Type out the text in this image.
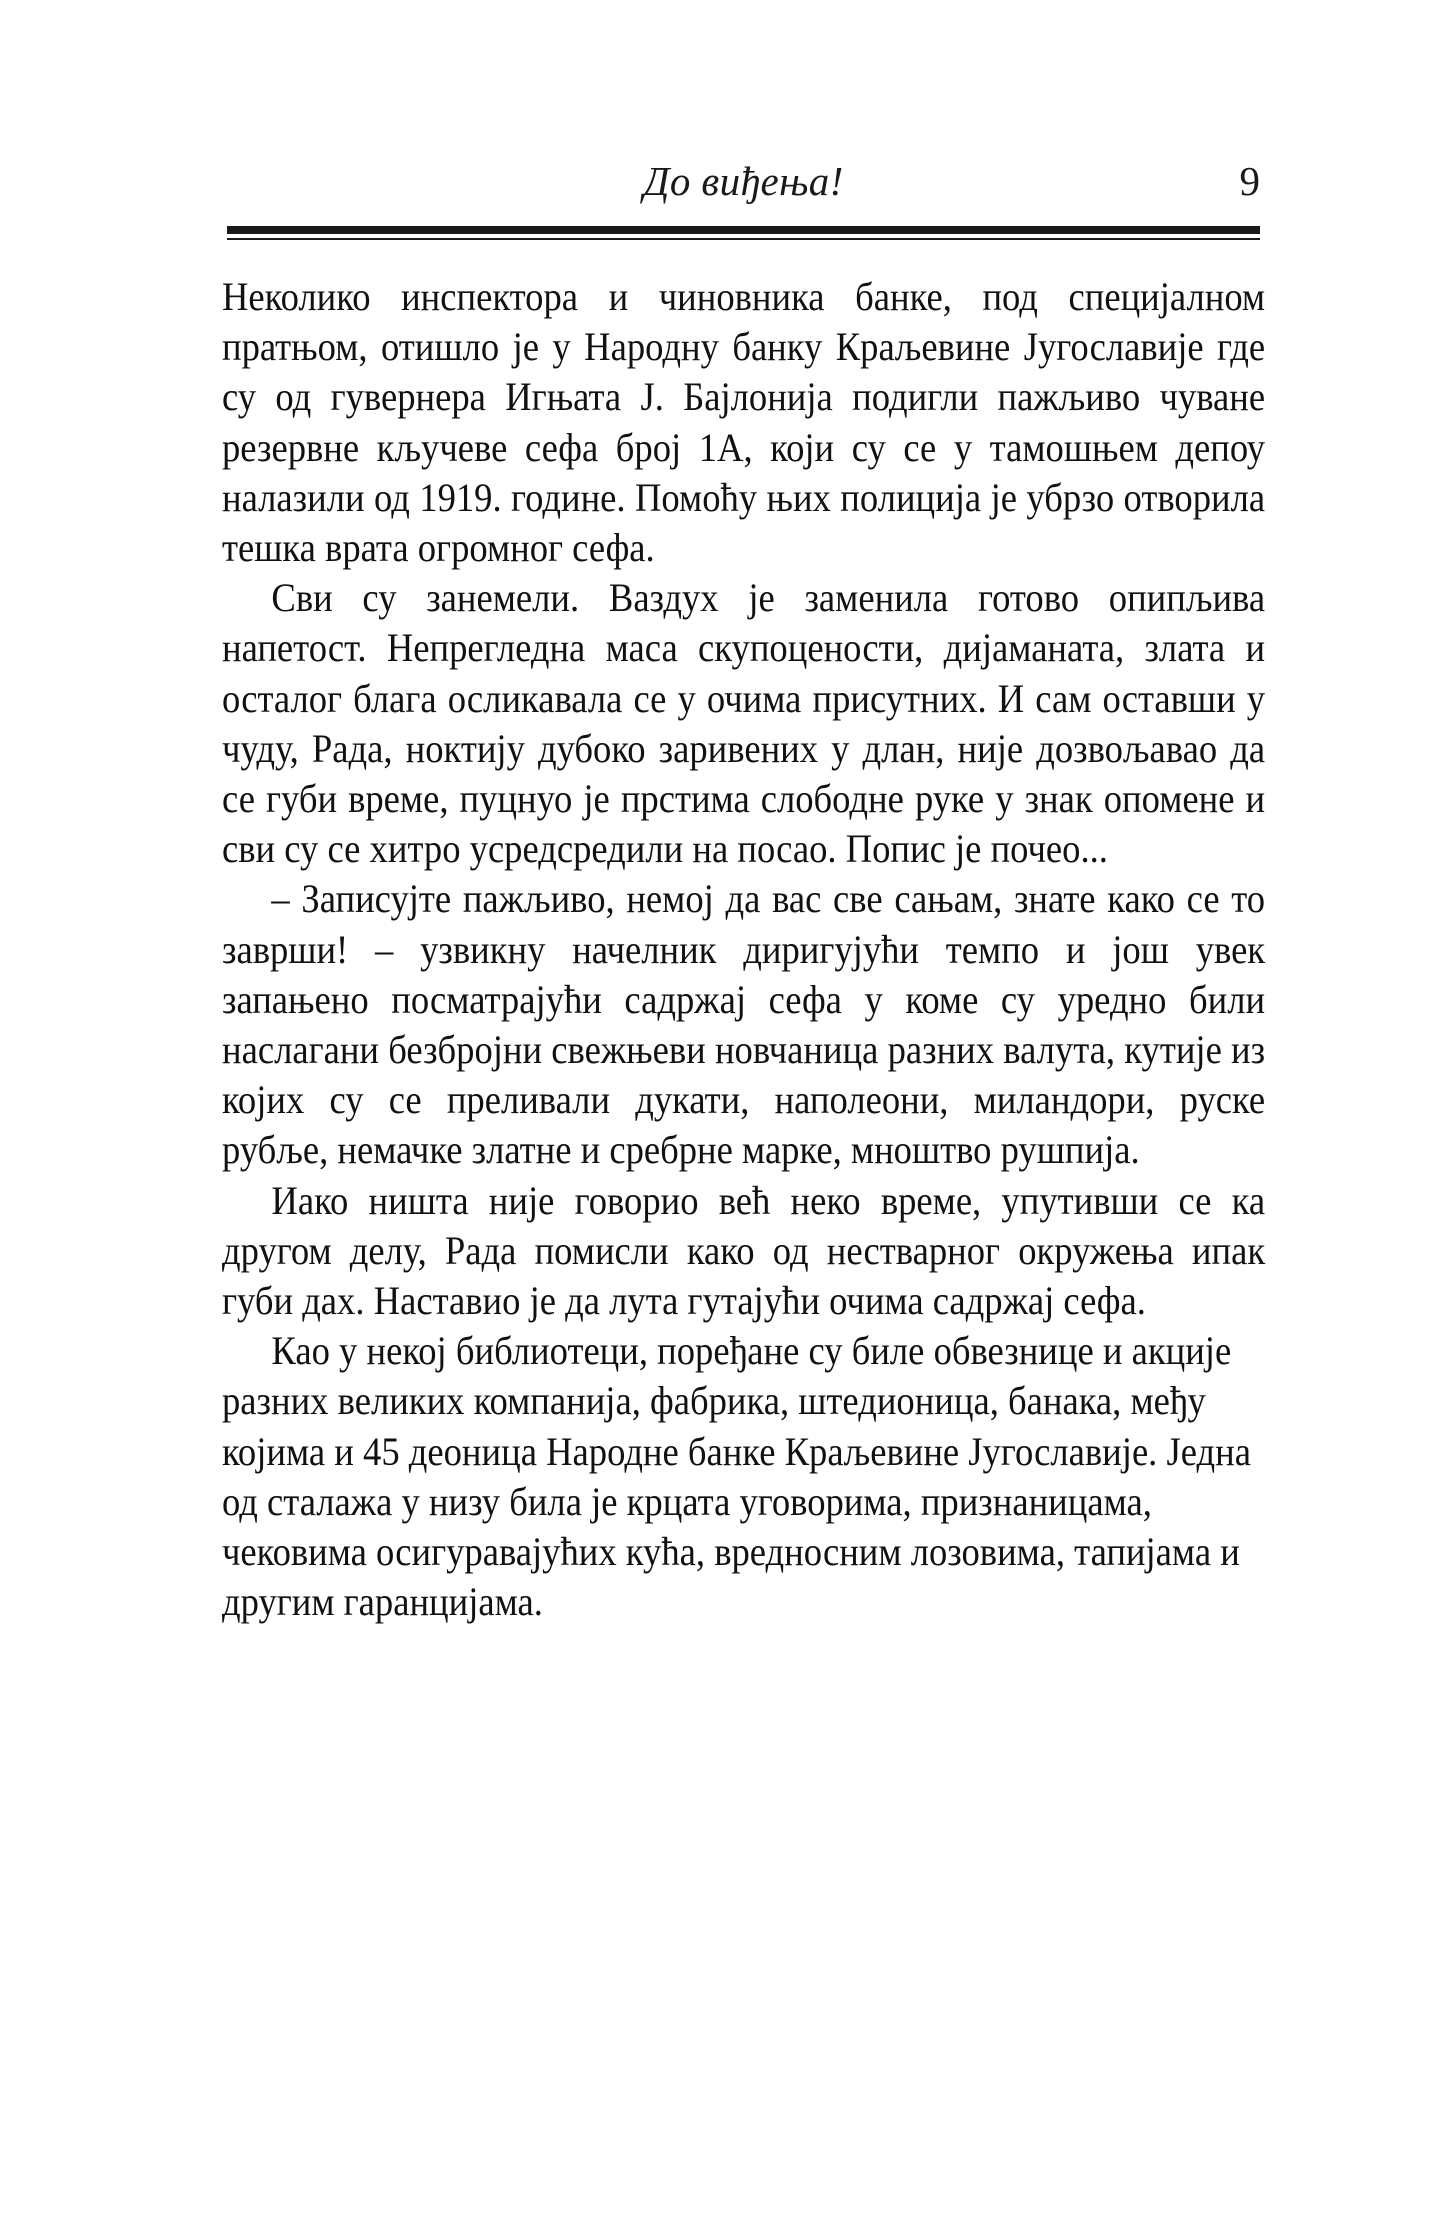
До виђења!	9

Неколико инспектора и чиновника банке, под специјалном пратњом, отишло је у Народну банку Краљевине Југославије где су од гувернера Игњата Ј. Бајлонија подигли пажљиво чуване резервне кључеве сефа број 1А, који су се у тамошњем депоу налазили од 1919. године. Помоћу њих полиција је убрзо отворила тешка врата огромног сефа.

Сви су занемели. Ваздух је заменила готово опипљива напетост. Непрегледна маса скупоцености, дијаманата, злата и осталог блага осликавала се у очима присутних. И сам оставши у чуду, Рада, ноктију дубоко заривених у длан, није дозвољавао да се губи време, пуцнуо је прстима слободне руке у знак опомене и сви су се хитро усредсредили на посао. Попис је почео...

– Записујте пажљиво, немој да вас све сањам, знате како се то заврши! – узвикну начелник диригујући темпо и још увек запањено посматрајући садржај сефа у коме су уредно били наслагани безбројни свежњеви новчаница разних валута, кутије из којих су се преливали дукати, наполеони, миландори, руске рубље, немачке златне и сребрне марке, мноштво рушпија.

Иако ништа није говорио већ неко време, упутивши се ка другом делу, Рада помисли како од нестварног окружења ипак губи дах. Наставио је да лута гутајући очима садржај сефа.

Као у некој библиотеци, поређане су биле обвезнице и акције разних великих компанија, фабрика, штедионица, банака, међу којима и 45 деоница Народне банке Краљевине Југославије. Једна од сталажа у низу била је крцата уговорима, признаницама, чековима осигуравајућих кућа, вредносним лозовима, тапијама и другим гаранцијама.
